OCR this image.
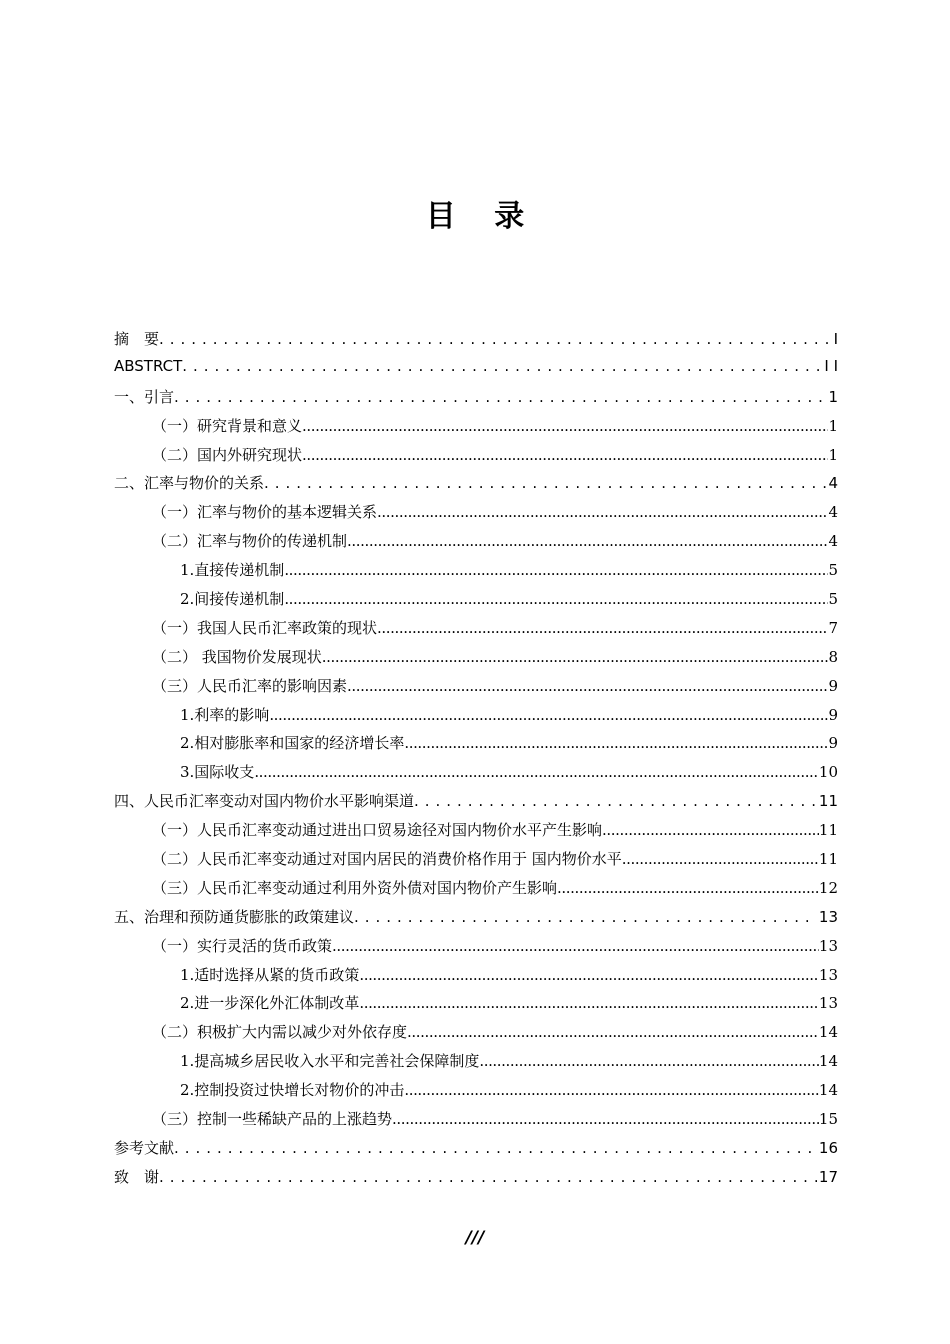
目 录
摘　要 . . .	I
ABSTRCT . . .	I I
一、引言 . . .	1
（一）研究背景和意义 .....	1
（二）国内外研究现状 .....	1
二、汇率与物价的关系 . . .	4
（一）汇率与物价的基本逻辑关系 .....	4
（二）汇率与物价的传递机制 .....	4
1.直接传递机制 .....	5
2.间接传递机制 .....	5
（一）我国人民币汇率政策的现状 .....	7
（二） 我国物价发展现状 .....	8
（三）人民币汇率的影响因素 .....	9
1.利率的影响 .....	9
2.相对膨胀率和国家的经济增长率 .....	9
3.国际收支 .....	10
四、人民币汇率变动对国内物价水平影响渠道 . . .	11
（一）人民币汇率变动通过进出口贸易途径对国内物价水平产生影响 .....	11
（二）人民币汇率变动通过对国内居民的消费价格作用于 国内物价水平 .....	11
（三）人民币汇率变动通过利用外资外债对国内物价产生影响 .....	12
五、治理和预防通货膨胀的政策建议 . . .	13
（一）实行灵活的货币政策 .....	13
1.适时选择从紧的货币政策 .....	13
2.进一步深化外汇体制改革 .....	13
（二）积极扩大内需以减少对外依存度 .....	14
1.提高城乡居民收入水平和完善社会保障制度 .....	14
2.控制投资过快增长对物价的冲击 .....	14
（三）控制一些稀缺产品的上涨趋势 .....	15
参考文献 . . .	16
致　谢 . . .	17
///
